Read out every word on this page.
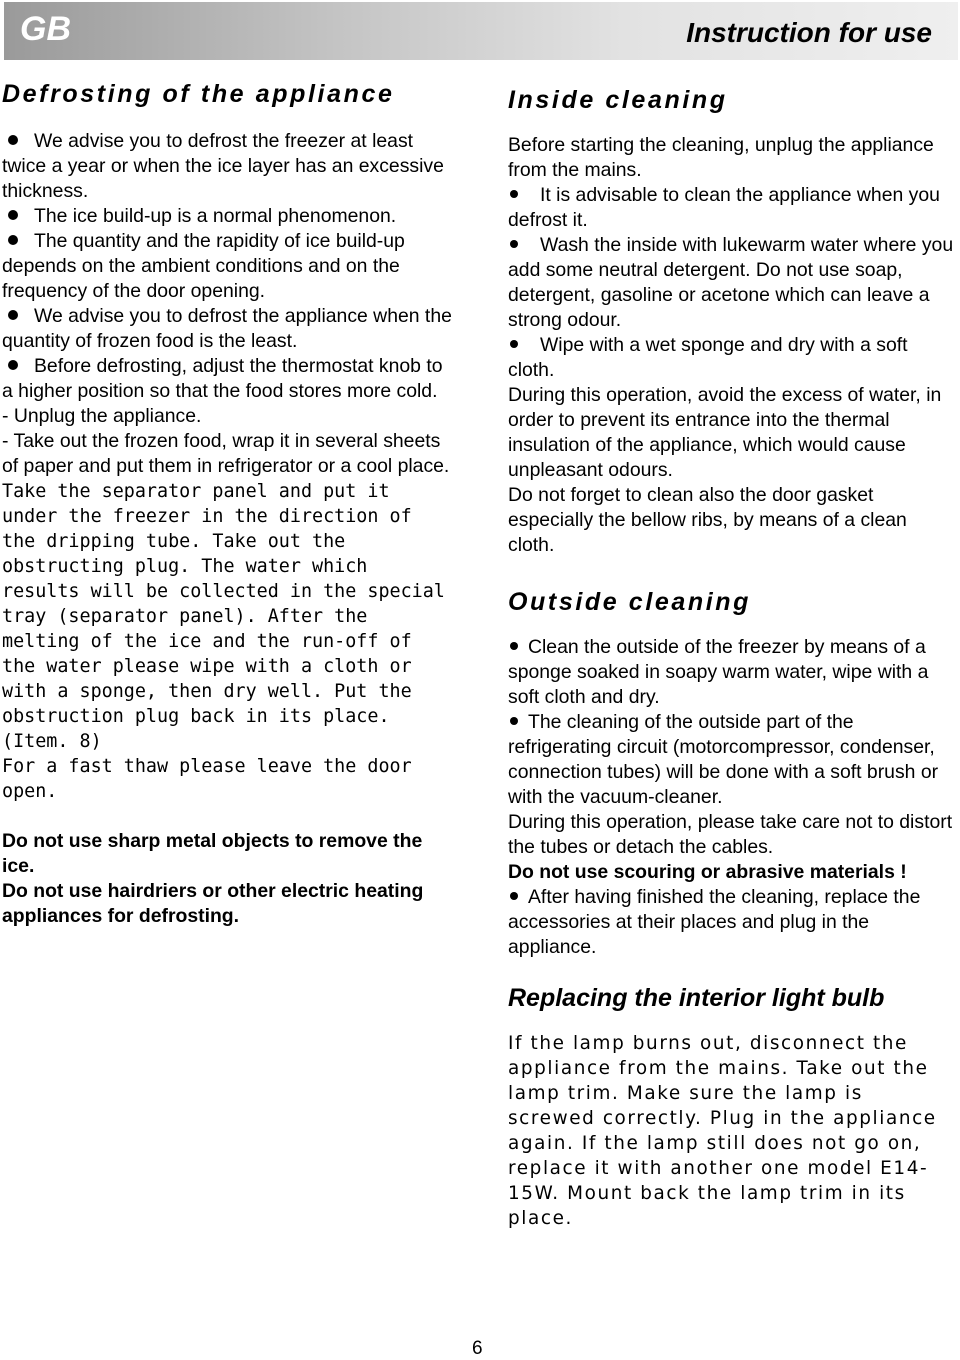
GB	Instruction for use
Defrosting of the appliance

We advise you to defrost the freezer at least twice a year or when the ice layer has an excessive thickness.

The ice build-up is a normal phenomenon.

The quantity and the rapidity of ice build-up depends on the ambient conditions and on the frequency of the door opening.

We advise you to defrost the appliance when the quantity of frozen food is the least.

Before defrosting, adjust the thermostat knob to a higher position so that the food stores more cold.

- Unplug the appliance.

- Take out the frozen food, wrap it in several sheets of paper and put them in refrigerator or a cool place.

Take the separator panel and put it under the freezer in the direction of the dripping tube. Take out the obstructing plug. The water which results will be collected in the special tray (separator panel). After the melting of the ice and the run-off of the water please wipe with a cloth or with a sponge, then dry well. Put the obstruction plug back in its place. (Item. 8)

For a fast thaw please leave the door open.

Do not use sharp metal objects to remove the ice.

Do not use hairdriers or other electric heating appliances for defrosting.

Inside cleaning

Before starting the cleaning, unplug the appliance from the mains.

It is advisable to clean the appliance when you defrost it.

Wash the inside with lukewarm water where you add some neutral detergent. Do not use soap, detergent, gasoline or acetone which can leave a strong odour.

Wipe with a wet sponge and dry with a soft cloth.

During this operation, avoid the excess of water, in order to prevent its entrance into the thermal insulation of the appliance, which would cause unpleasant odours.

Do not forget to clean also the door gasket especially the bellow ribs, by means of a clean cloth.

Outside cleaning

Clean the outside of the freezer by means of a sponge soaked in soapy warm water, wipe with a soft cloth and dry.

The cleaning of the outside part of the refrigerating circuit (motorcompressor, condenser, connection tubes) will be done with a soft brush or with the vacuum-cleaner.

During this operation, please take care not to distort the tubes or detach the cables.

Do not use scouring or abrasive materials !

After having finished the cleaning, replace the accessories at their places and plug in the appliance.

Replacing the interior light bulb

If the lamp burns out, disconnect the appliance from the mains. Take out the lamp trim. Make sure the lamp is screwed correctly. Plug in the appliance again. If the lamp still does not go on, replace it with another one model E14-15W. Mount back the lamp trim in its place.

6
